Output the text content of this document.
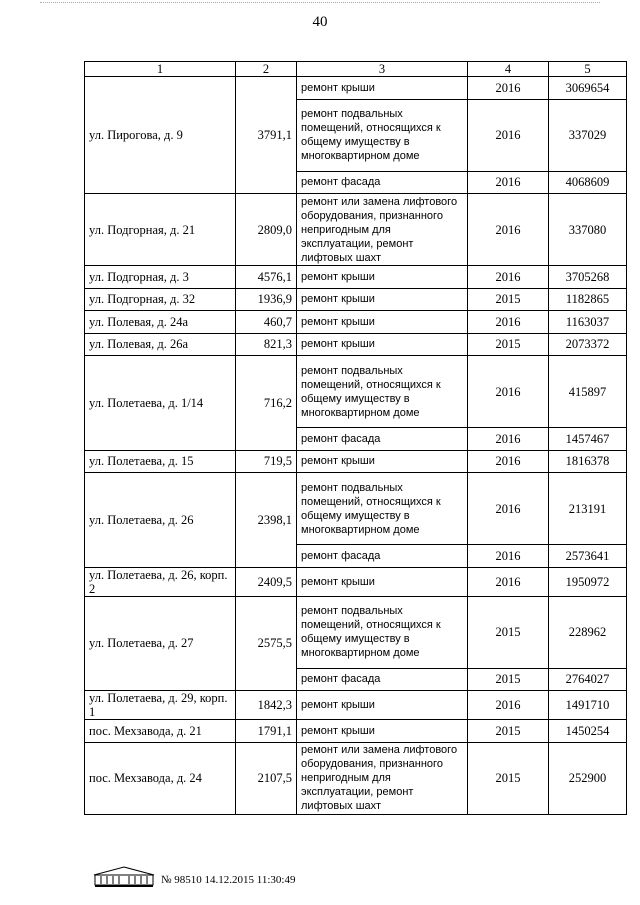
40
1	2	3	4	5
ул. Пирогова, д. 9	3791,1	ремонт крыши	2016	3069654
		ремонт подвальных помещений, относящихся к общему имуществу в многоквартирном доме	2016	337029
		ремонт фасада	2016	4068609
ул. Подгорная, д. 21	2809,0	ремонт или замена лифтового оборудования, признанного непригодным для эксплуатации, ремонт лифтовых шахт	2016	337080
ул. Подгорная, д. 3	4576,1	ремонт крыши	2016	3705268
ул. Подгорная, д. 32	1936,9	ремонт крыши	2015	1182865
ул. Полевая, д. 24а	460,7	ремонт крыши	2016	1163037
ул. Полевая, д. 26а	821,3	ремонт крыши	2015	2073372
ул. Полетаева, д. 1/14	716,2	ремонт подвальных помещений, относящихся к общему имуществу в многоквартирном доме	2016	415897
		ремонт фасада	2016	1457467
ул. Полетаева, д. 15	719,5	ремонт крыши	2016	1816378
ул. Полетаева, д. 26	2398,1	ремонт подвальных помещений, относящихся к общему имуществу в многоквартирном доме	2016	213191
		ремонт фасада	2016	2573641
ул. Полетаева, д. 26, корп. 2	2409,5	ремонт крыши	2016	1950972
ул. Полетаева, д. 27	2575,5	ремонт подвальных помещений, относящихся к общему имуществу в многоквартирном доме	2015	228962
		ремонт фасада	2015	2764027
ул. Полетаева, д. 29, корп. 1	1842,3	ремонт крыши	2016	1491710
пос. Мехзавода, д. 21	1791,1	ремонт крыши	2015	1450254
пос. Мехзавода, д. 24	2107,5	ремонт или замена лифтового оборудования, признанного непригодным для эксплуатации, ремонт лифтовых шахт	2015	252900
№ 98510 14.12.2015 11:30:49
